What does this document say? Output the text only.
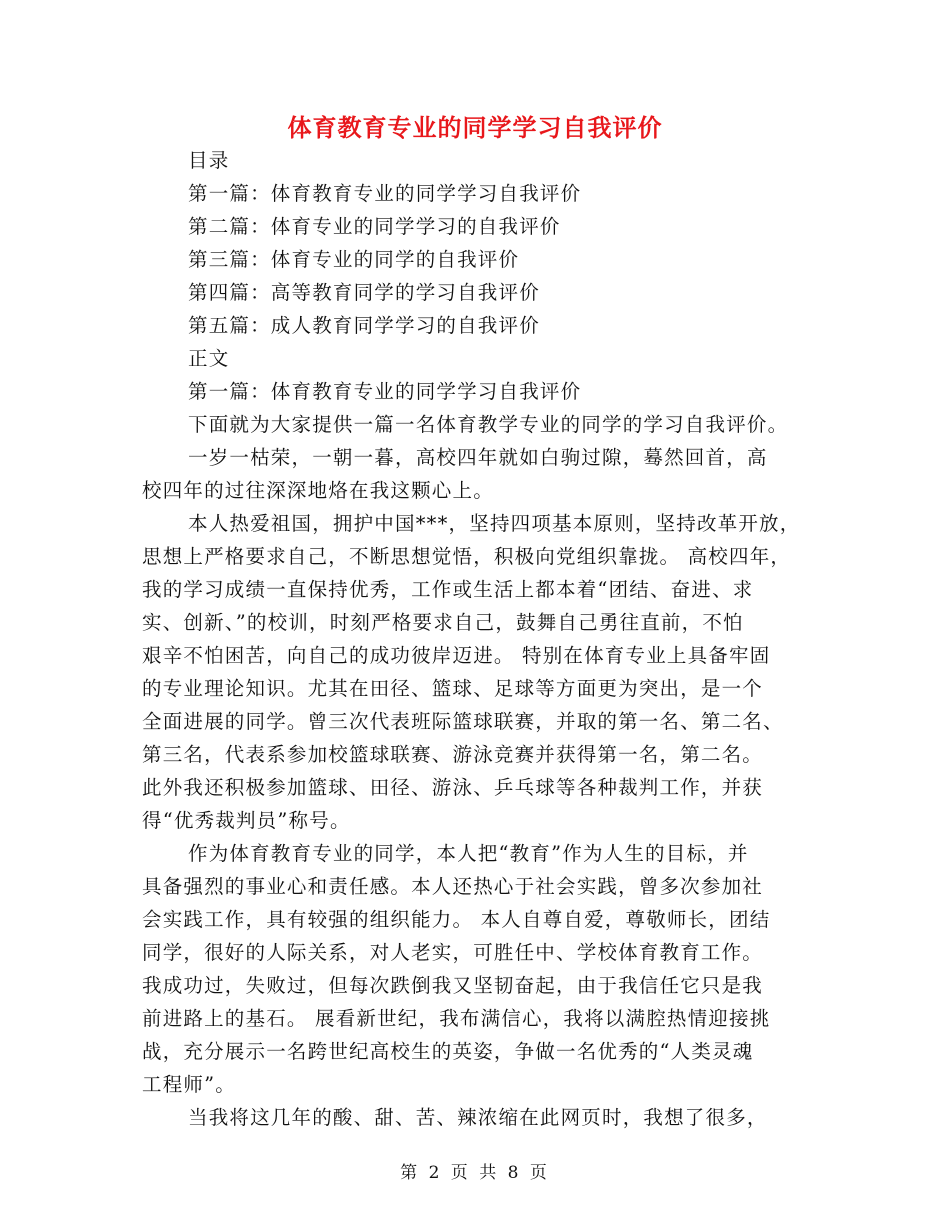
体育教育专业的同学学习自我评价
目录
第一篇：体育教育专业的同学学习自我评价
第二篇：体育专业的同学学习的自我评价
第三篇：体育专业的同学的自我评价
第四篇：高等教育同学的学习自我评价
第五篇：成人教育同学学习的自我评价
正文
第一篇：体育教育专业的同学学习自我评价
下面就为大家提供一篇一名体育教学专业的同学的学习自我评价。
一岁一枯荣，一朝一暮，高校四年就如白驹过隙，蓦然回首，高
校四年的过往深深地烙在我这颗心上。
本人热爱祖国，拥护中国***，坚持四项基本原则，坚持改革开放，
思想上严格要求自己，不断思想觉悟，积极向党组织靠拢。 高校四年，
我的学习成绩一直保持优秀，工作或生活上都本着“团结、奋进、求
实、创新、”的校训，时刻严格要求自己，鼓舞自己勇往直前，不怕
艰辛不怕困苦，向自己的成功彼岸迈进。 特别在体育专业上具备牢固
的专业理论知识。尤其在田径、篮球、足球等方面更为突出，是一个
全面进展的同学。曾三次代表班际篮球联赛，并取的第一名、第二名、
第三名，代表系参加校篮球联赛、游泳竞赛并获得第一名，第二名。
此外我还积极参加篮球、田径、游泳、乒乓球等各种裁判工作，并获
得“优秀裁判员”称号。
作为体育教育专业的同学，本人把“教育”作为人生的目标，并
具备强烈的事业心和责任感。本人还热心于社会实践，曾多次参加社
会实践工作，具有较强的组织能力。 本人自尊自爱，尊敬师长，团结
同学，很好的人际关系，对人老实，可胜任中、学校体育教育工作。
我成功过，失败过，但每次跌倒我又坚韧奋起，由于我信任它只是我
前进路上的基石。 展看新世纪，我布满信心，我将以满腔热情迎接挑
战，充分展示一名跨世纪高校生的英姿，争做一名优秀的“人类灵魂
工程师”。
当我将这几年的酸、甜、苦、辣浓缩在此网页时，我想了很多，
第 2 页 共 8 页
